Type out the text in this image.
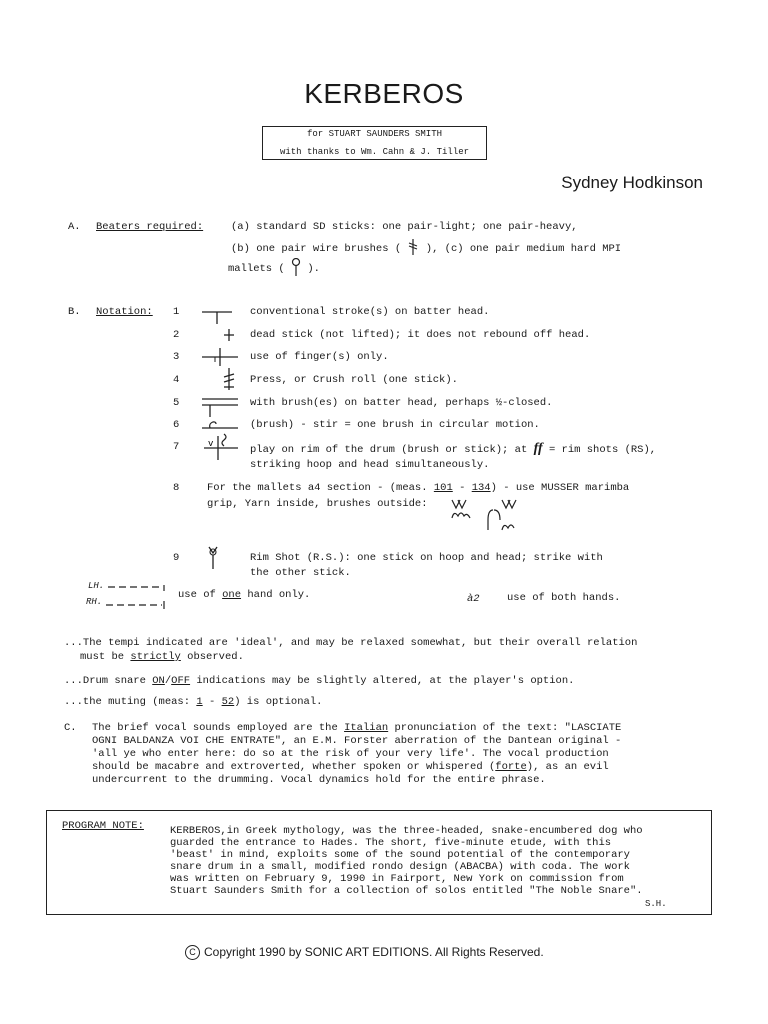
KERBEROS
for STUART SAUNDERS SMITH
with thanks to Wm. Cahn & J. Tiller
Sydney Hodkinson
A. Beaters required:	(a) standard SD sticks: one pair-light; one pair-heavy,
(b) one pair wire brushes ( ), (c) one pair medium hard MPI
mallets ( ).
B. Notation: 1	conventional stroke(s) on batter head.
2	dead stick (not lifted); it does not rebound off head.
3	use of finger(s) only.
4	Press, or Crush roll (one stick).
5	with brush(es) on batter head, perhaps ½-closed.
6	(brush) - stir = one brush in circular motion.
7	v	play on rim of the drum (brush or stick); at ff = rim shots (RS),
striking hoop and head simultaneously.
8	For the mallets a4 section - (meas. 101 - 134) - use MUSSER marimba
grip, Yarn inside, brushes outside:
9	Rim Shot (R.S.): one stick on hoop and head; strike with
the other stick.
LH.
RH.
use of one hand only.	à2	use of both hands.
...The tempi indicated are 'ideal', and may be relaxed somewhat, but their overall relation
must be strictly observed.
...Drum snare ON/OFF indications may be slightly altered, at the player's option.
...the muting (meas: 1 - 52) is optional.
C. The brief vocal sounds employed are the Italian pronunciation of the text: "LASCIATE
OGNI BALDANZA VOI CHE ENTRATE", an E.M. Forster aberration of the Dantean original -
'all ye who enter here: do so at the risk of your very life'. The vocal production
should be macabre and extroverted, whether spoken or whispered (forte), as an evil
undercurrent to the drumming. Vocal dynamics hold for the entire phrase.
PROGRAM NOTE: KERBEROS,in Greek mythology, was the three-headed, snake-encumbered dog who
guarded the entrance to Hades. The short, five-minute etude, with this
'beast' in mind, exploits some of the sound potential of the contemporary
snare drum in a small, modified rondo design (ABACBA) with coda. The work
was written on February 9, 1990 in Fairport, New York on commission from
Stuart Saunders Smith for a collection of solos entitled "The Noble Snare".
S.H.
C Copyright 1990 by SONIC ART EDITIONS. All Rights Reserved.
